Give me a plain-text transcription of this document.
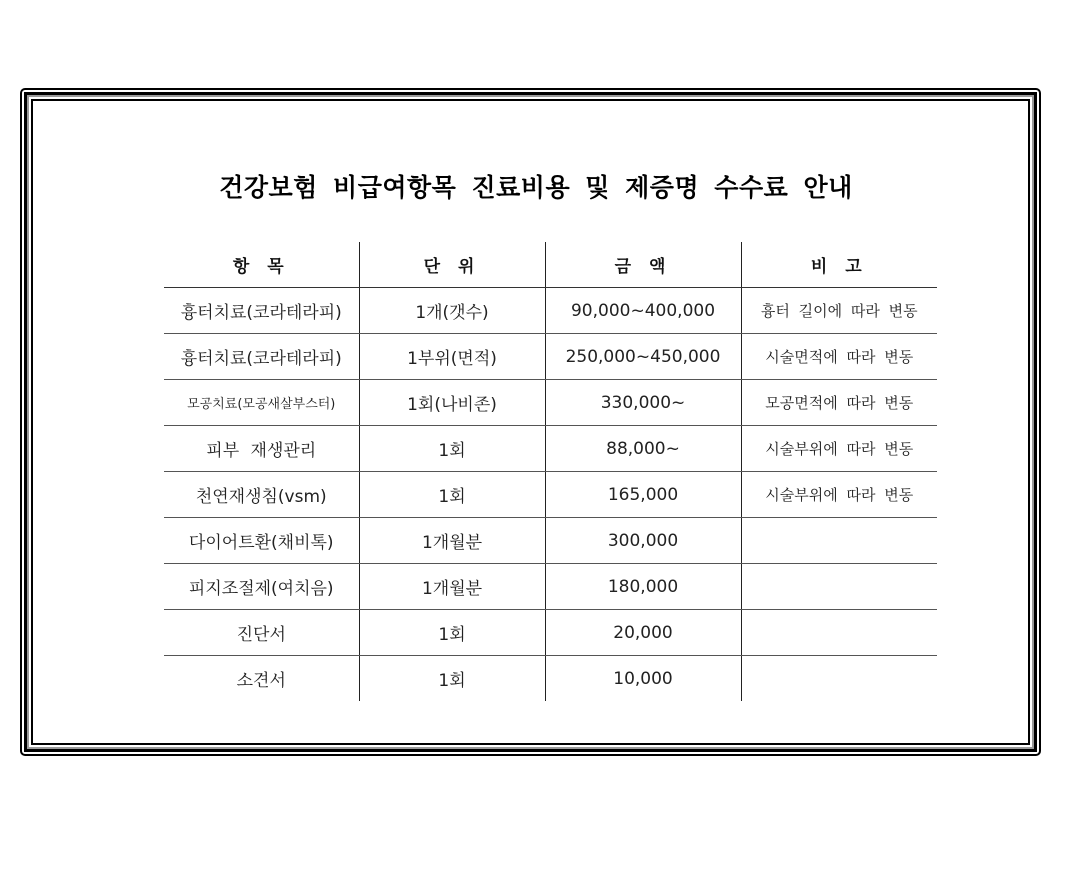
건강보험 비급여항목 진료비용 및 제증명 수수료 안내
항 목	단 위	금 액	비 고
흉터치료(코라테라피)	1개(갯수)	90,000~400,000	흉터 길이에 따라 변동
흉터치료(코라테라피)	1부위(면적)	250,000~450,000	시술면적에 따라 변동
모공치료(모공새살부스터)	1회(나비존)	330,000~	모공면적에 따라 변동
피부 재생관리	1회	88,000~	시술부위에 따라 변동
천연재생침(vsm)	1회	165,000	시술부위에 따라 변동
다이어트환(채비톡)	1개월분	300,000	
피지조절제(여치음)	1개월분	180,000	
진단서	1회	20,000	
소견서	1회	10,000	
